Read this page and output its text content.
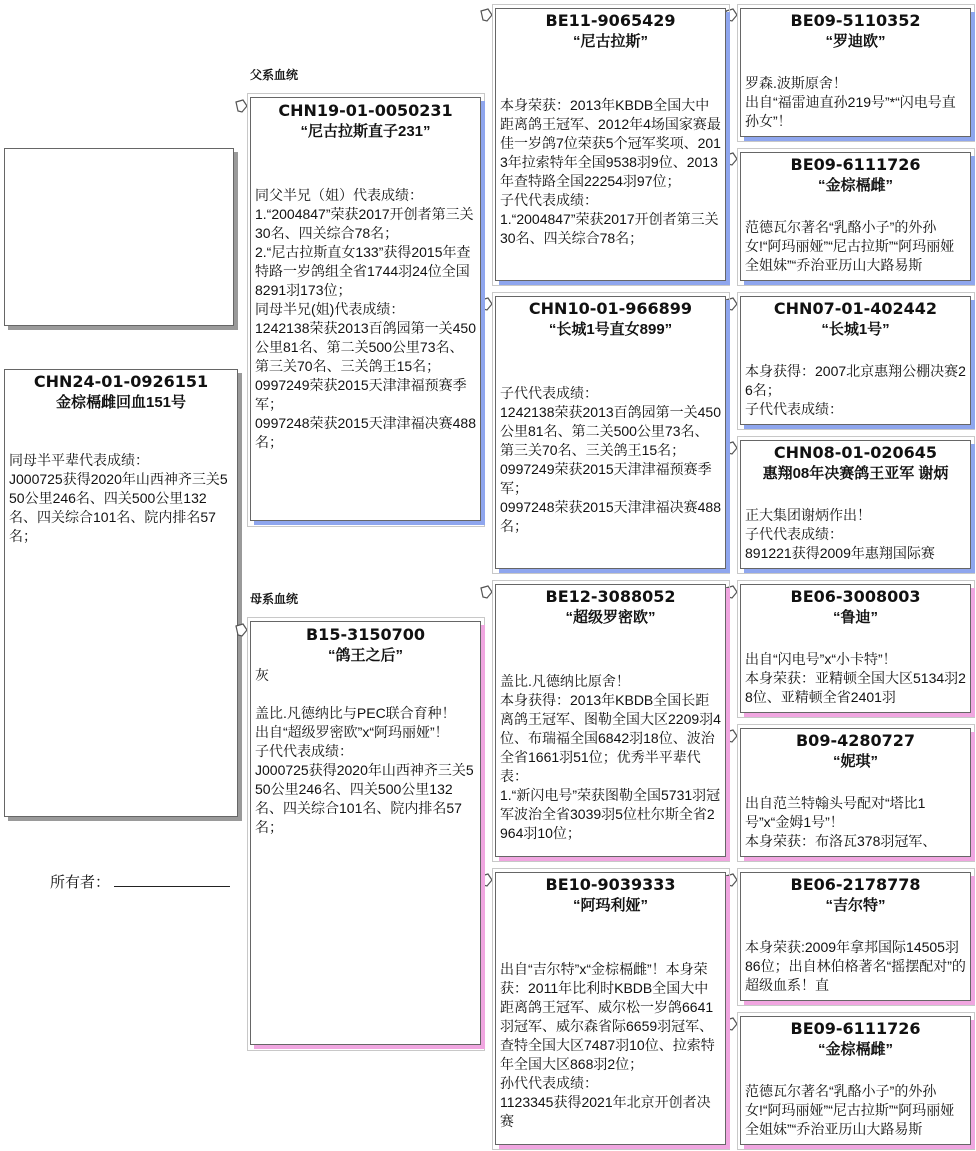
CHN24-01-0926151
金棕槅雌回血151号
同母半平辈代表成绩：
J000725获得2020年山西神齐三关550公里246名、四关500公里132名、四关综合101名、院内排名57名；
所有者：
父系血统
母系血统
CHN19-01-0050231
“尼古拉斯直子231”
同父半兄（姐）代表成绩：
1.“2004847”荣获2017开创者第三关30名、四关综合78名；
2.“尼古拉斯直女133”获得2015年查特路一岁鸽组全省1744羽24位全国8291羽173位；
同母半兄(姐)代表成绩：
1242138荣获2013百鸽园第一关450公里81名、第二关500公里73名、第三关70名、三关鸽王15名；
0997249荣获2015天津津福预赛季军；
0997248荣获2015天津津福决赛488名；
B15-3150700
“鸽王之后”
灰
盖比.凡德纳比与PEC联合育种！
出自“超级罗密欧”x“阿玛丽娅”！
子代代表成绩：
J000725获得2020年山西神齐三关550公里246名、四关500公里132名、四关综合101名、院内排名57名；
BE11-9065429
“尼古拉斯”
本身荣获：2013年KBDB全国大中距离鸽王冠军、2012年4场国家赛最佳一岁鸽7位荣获5个冠军奖项、2013年拉索特年全国9538羽9位、2013年查特路全国22254羽97位；
子代代表成绩：
1.“2004847”荣获2017开创者第三关30名、四关综合78名；
CHN10-01-966899
“长城1号直女899”
子代代表成绩：
1242138荣获2013百鸽园第一关450公里81名、第二关500公里73名、第三关70名、三关鸽王15名；
0997249荣获2015天津津福预赛季军；
0997248荣获2015天津津福决赛488名；
BE12-3088052
“超级罗密欧”
盖比.凡德纳比原舍！
本身获得：2013年KBDB全国长距离鸽王冠军、图勒全国大区2209羽4位、布瑞福全国6842羽18位、波治全省1661羽51位；优秀半平辈代表：
1.“新闪电号”荣获图勒全国5731羽冠军波治全省3039羽5位杜尔斯全省2964羽10位；
BE10-9039333
“阿玛利娅”
出自“吉尔特”x“金棕槅雌”！本身荣获：2011年比利时KBDB全国大中距离鸽王冠军、威尔松一岁鸽6641羽冠军、威尔森省际6659羽冠军、查特全国大区7487羽10位、拉索特年全国大区868羽2位；
孙代代表成绩：
1123345获得2021年北京开创者决赛
BE09-5110352
“罗迪欧”
罗森.波斯原舍！
出自“福雷迪直孙219号”*“闪电号直孙女”！
BE09-6111726
“金棕槅雌”
范德瓦尔著名“乳酪小子”的外孙女!“阿玛丽娅”“尼古拉斯”“阿玛丽娅全姐妹”“乔治亚历山大路易斯
CHN07-01-402442
“长城1号”
本身获得：2007北京惠翔公棚决赛26名；
子代代表成绩：
CHN08-01-020645
惠翔08年决赛鸽王亚军 谢炳
正大集团谢炳作出！
子代代表成绩：
891221获得2009年惠翔国际赛
BE06-3008003
“鲁迪”
出自“闪电号”x“小卡特”！
本身荣获：亚精顿全国大区5134羽28位、亚精顿全省2401羽
B09-4280727
“妮琪”
出自范兰特翰头号配对“塔比1号”x“金姆1号”！
本身荣获：布洛瓦378羽冠军、
BE06-2178778
“吉尔特”
本身荣获:2009年拿邦国际14505羽86位；出自林伯格著名“摇摆配对”的超级血系！直
BE09-6111726
“金棕槅雌”
范德瓦尔著名“乳酪小子”的外孙女!“阿玛丽娅”“尼古拉斯”“阿玛丽娅全姐妹”“乔治亚历山大路易斯
